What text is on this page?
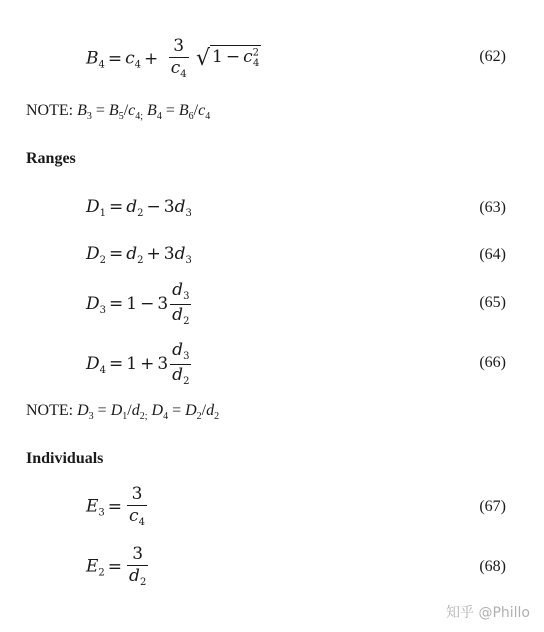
$B_4 = c_4 + \frac{3}{c_4}$ √ $1 - c^2_4$	(62)
NOTE: $B_3 = B_5/c_{4;}$ $B_4 = B_6/c_4$
Ranges
$D_1 = d_2 - 3d_3$	(63)
$D_2 = d_2 + 3d_3$	(64)
$D_3 = 1 - 3 \frac{d_3}{d_2}$	(65)
$D_4 = 1 + 3 \frac{d_3}{d_2}$	(66)
NOTE: $D_3 = D_1/d_{2;}$ $D_4 = D_2/d_2$
Individuals
$E_3 = \frac{3}{c_4}$	(67)
$E_2 = \frac{3}{d_2}$	(68)
知乎 @Phillo
